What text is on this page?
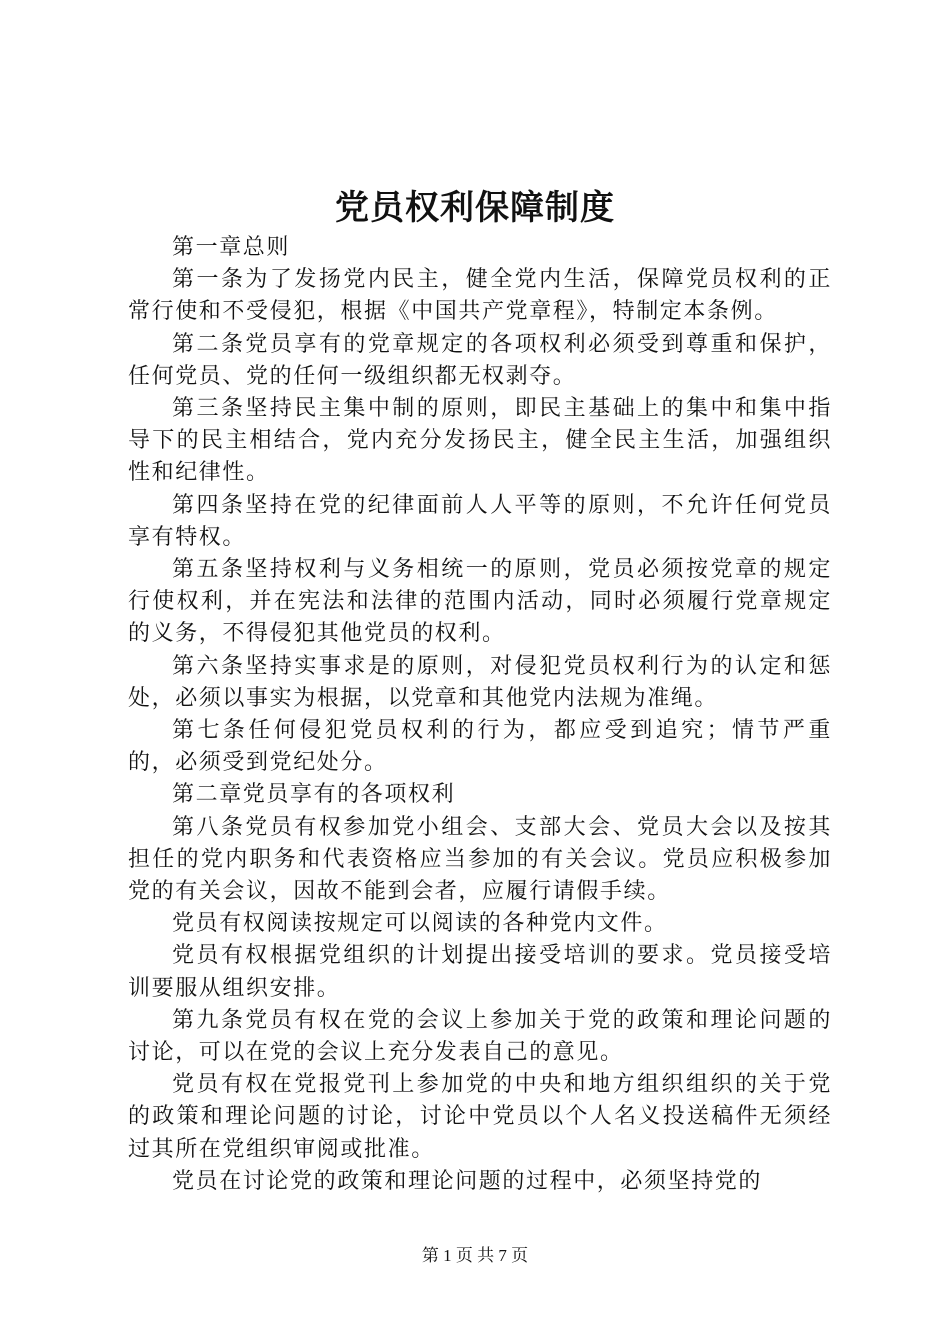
党员权利保障制度

第一章总则

第一条为了发扬党内民主，健全党内生活，保障党员权利的正常行使和不受侵犯，根据《中国共产党章程》，特制定本条例。

第二条党员享有的党章规定的各项权利必须受到尊重和保护，任何党员、党的任何一级组织都无权剥夺。

第三条坚持民主集中制的原则，即民主基础上的集中和集中指导下的民主相结合，党内充分发扬民主，健全民主生活，加强组织性和纪律性。

第四条坚持在党的纪律面前人人平等的原则，不允许任何党员享有特权。

第五条坚持权利与义务相统一的原则，党员必须按党章的规定行使权利，并在宪法和法律的范围内活动，同时必须履行党章规定的义务，不得侵犯其他党员的权利。

第六条坚持实事求是的原则，对侵犯党员权利行为的认定和惩处，必须以事实为根据，以党章和其他党内法规为准绳。

第七条任何侵犯党员权利的行为，都应受到追究；情节严重的，必须受到党纪处分。

第二章党员享有的各项权利

第八条党员有权参加党小组会、支部大会、党员大会以及按其担任的党内职务和代表资格应当参加的有关会议。党员应积极参加党的有关会议，因故不能到会者，应履行请假手续。

党员有权阅读按规定可以阅读的各种党内文件。

党员有权根据党组织的计划提出接受培训的要求。党员接受培训要服从组织安排。

第九条党员有权在党的会议上参加关于党的政策和理论问题的讨论，可以在党的会议上充分发表自己的意见。

党员有权在党报党刊上参加党的中央和地方组织组织的关于党的政策和理论问题的讨论，讨论中党员以个人名义投送稿件无须经过其所在党组织审阅或批准。

党员在讨论党的政策和理论问题的过程中，必须坚持党的

第 1 页 共 7 页
